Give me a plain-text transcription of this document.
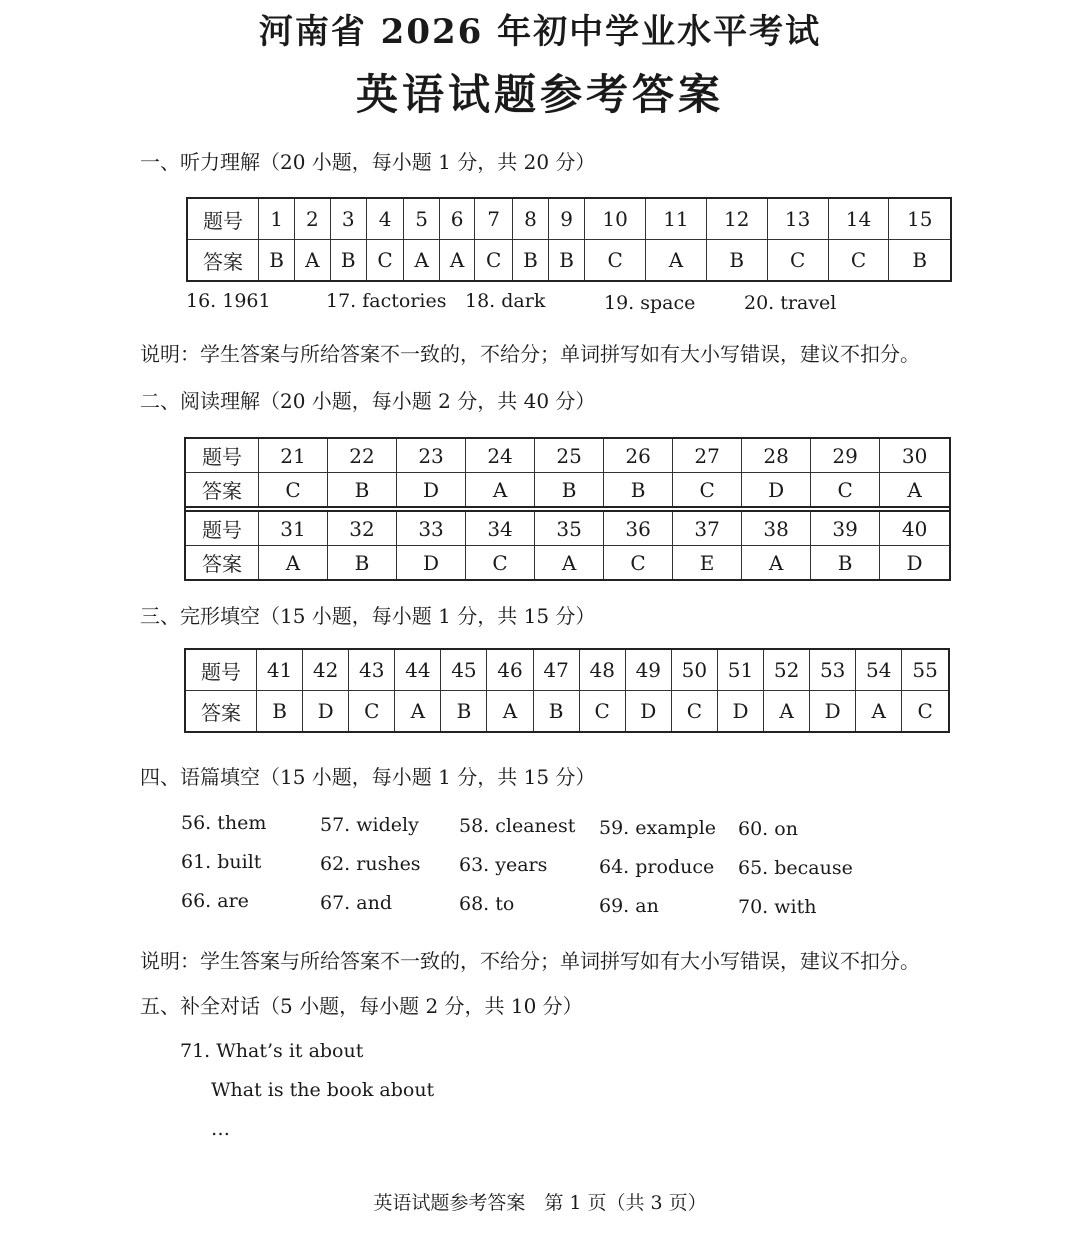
河南省 2026 年初中学业水平考试
英语试题参考答案

一、听力理解（20 小题，每小题 1 分，共 20 分）

题号	1	2	3	4	5	6	7	8	9	10	11	12	13	14	15
答案	B	A	B	C	A	A	C	B	B	C	A	B	C	C	B

16. 1961	17. factories 18. dark	19. space	20. travel

说明：学生答案与所给答案不一致的，不给分；单词拼写如有大小写错误，建议不扣分。

二、阅读理解（20 小题，每小题 2 分，共 40 分）

题号	21	22	23	24	25	26	27	28	29	30
答案	C	B	D	A	B	B	C	D	C	A

题号	31	32	33	34	35	36	37	38	39	40
答案	A	B	D	C	A	C	E	A	B	D

三、完形填空（15 小题，每小题 1 分，共 15 分）

题号	41	42	43	44	45	46	47	48	49	50	51	52	53	54	55
答案	B	D	C	A	B	A	B	C	D	C	D	A	D	A	C

四、语篇填空（15 小题，每小题 1 分，共 15 分）

56. them	57. widely 58. cleanest 59. example 60. on

61. built	62. rushes 63. years	64. produce 65. because

66. are	67. and	68. to	69. an	70. with

说明：学生答案与所给答案不一致的，不给分；单词拼写如有大小写错误，建议不扣分。

五、补全对话（5 小题，每小题 2 分，共 10 分）

71. What’s it about

What is the book about

…

英语试题参考答案　第 1 页（共 3 页）
